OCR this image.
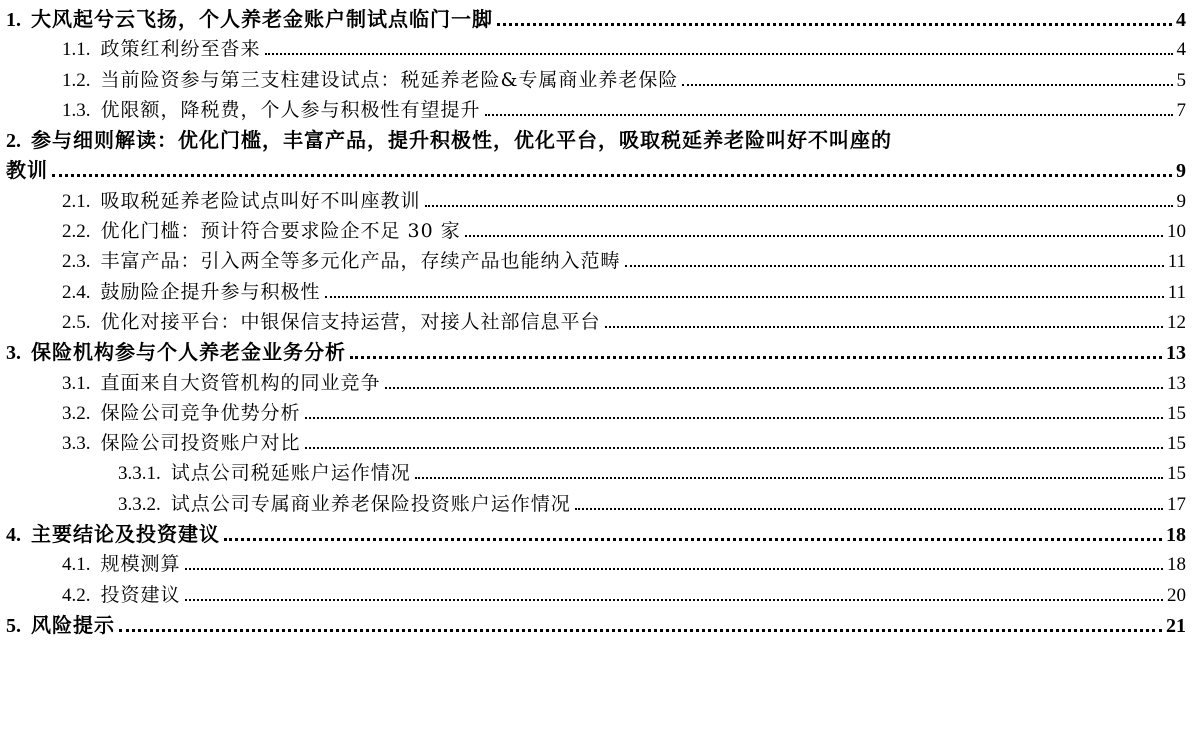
1. 大风起兮云飞扬，个人养老金账户制试点临门一脚	4
1.1. 政策红利纷至沓来	4
1.2. 当前险资参与第三支柱建设试点：税延养老险&专属商业养老保险	5
1.3. 优限额，降税费，个人参与积极性有望提升	7
2. 参与细则解读：优化门槛，丰富产品，提升积极性，优化平台，吸取税延养老险叫好不叫座的
教训	9
2.1. 吸取税延养老险试点叫好不叫座教训	9
2.2. 优化门槛：预计符合要求险企不足 30 家	10
2.3. 丰富产品：引入两全等多元化产品，存续产品也能纳入范畴	11
2.4. 鼓励险企提升参与积极性	11
2.5. 优化对接平台：中银保信支持运营，对接人社部信息平台	12
3. 保险机构参与个人养老金业务分析	13
3.1. 直面来自大资管机构的同业竞争	13
3.2. 保险公司竞争优势分析	15
3.3. 保险公司投资账户对比	15
3.3.1. 试点公司税延账户运作情况	15
3.3.2. 试点公司专属商业养老保险投资账户运作情况	17
4. 主要结论及投资建议	18
4.1. 规模测算	18
4.2. 投资建议	20
5. 风险提示	21
